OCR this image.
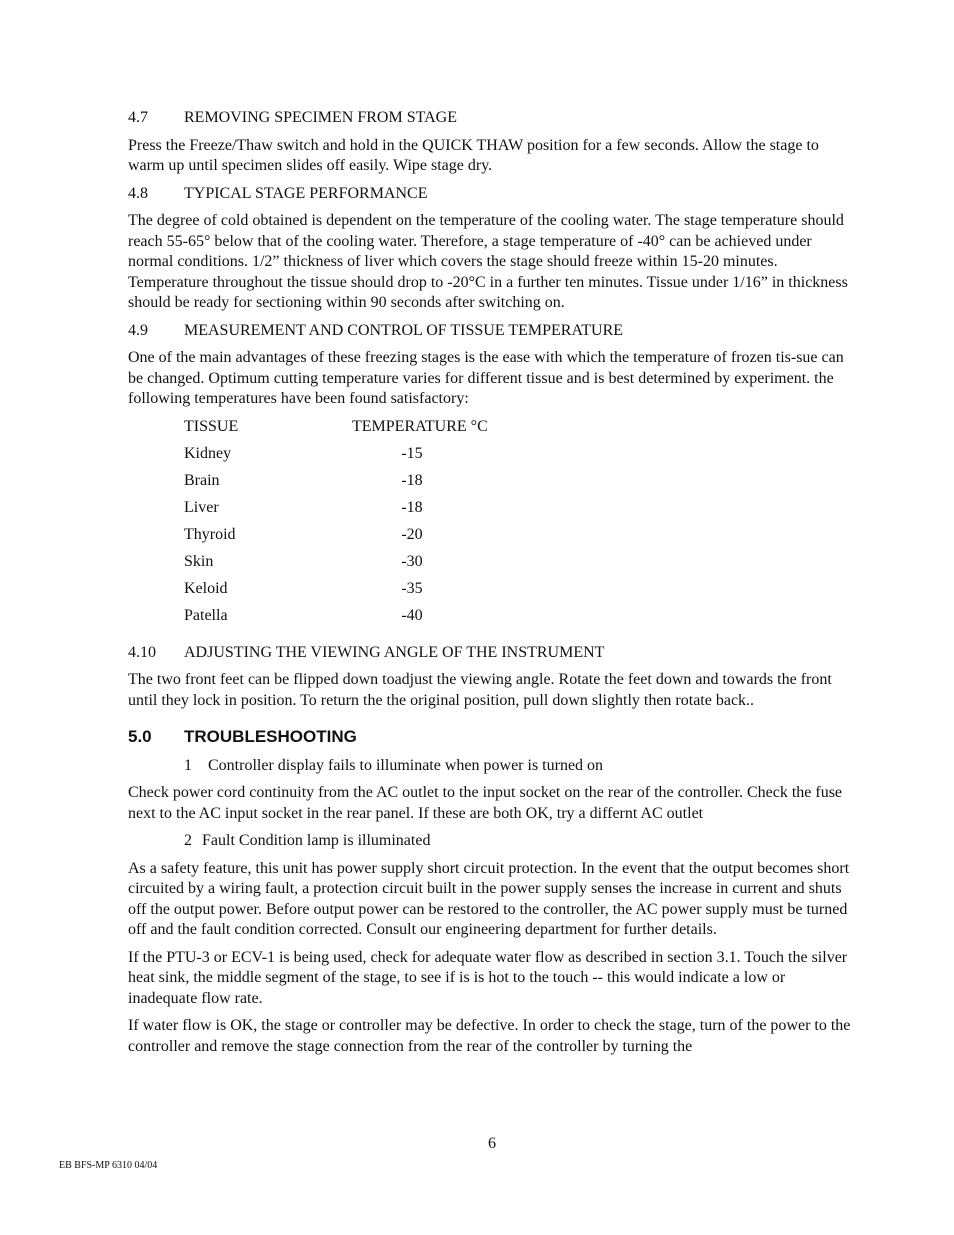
4.7	REMOVING SPECIMEN FROM STAGE

Press the Freeze/Thaw switch and hold in the QUICK THAW position for a few seconds. Allow the stage to warm up until specimen slides off easily. Wipe stage dry.

4.8	TYPICAL STAGE PERFORMANCE

The degree of cold obtained is dependent on the temperature of the cooling water. The stage temperature should reach 55-65° below that of the cooling water. Therefore, a stage temperature of -40° can be achieved under normal conditions. 1/2” thickness of liver which covers the stage should freeze within 15-20 minutes. Temperature throughout the tissue should drop to -20°C in a further ten minutes. Tissue under 1/16” in thickness should be ready for sectioning within 90 seconds after switching on.

4.9	MEASUREMENT AND CONTROL OF TISSUE TEMPERATURE

One of the main advantages of these freezing stages is the ease with which the temperature of frozen tis-sue can be changed. Optimum cutting temperature varies for different tissue and is best determined by experiment. the following temperatures have been found satisfactory:

TISSUE	TEMPERATURE °C
Kidney	-15
Brain	-18
Liver	-18
Thyroid	-20
Skin	-30
Keloid	-35
Patella	-40
4.10	ADJUSTING THE VIEWING ANGLE OF THE INSTRUMENT

The two front feet can be flipped down toadjust the viewing angle. Rotate the feet down and towards the front until they lock in position. To return the the original position, pull down slightly then rotate back..

5.0	TROUBLESHOOTING
1 Controller display fails to illuminate when power is turned on

Check power cord continuity from the AC outlet to the input socket on the rear of the controller. Check the fuse next to the AC input socket in the rear panel. If these are both OK, try a differnt AC outlet

2 Fault Condition lamp is illuminated

As a safety feature, this unit has power supply short circuit protection. In the event that the output becomes short circuited by a wiring fault, a protection circuit built in the power supply senses the increase in current and shuts off the output power. Before output power can be restored to the controller, the AC power supply must be turned off and the fault condition corrected. Consult our engineering department for further details.

If the PTU-3 or ECV-1 is being used, check for adequate water flow as described in section 3.1. Touch the silver heat sink, the middle segment of the stage, to see if is is hot to the touch -- this would indicate a low or inadequate flow rate.

If water flow is OK, the stage or controller may be defective. In order to check the stage, turn of the power to the controller and remove the stage connection from the rear of the controller by turning the

6
EB BFS-MP 6310 04/04
